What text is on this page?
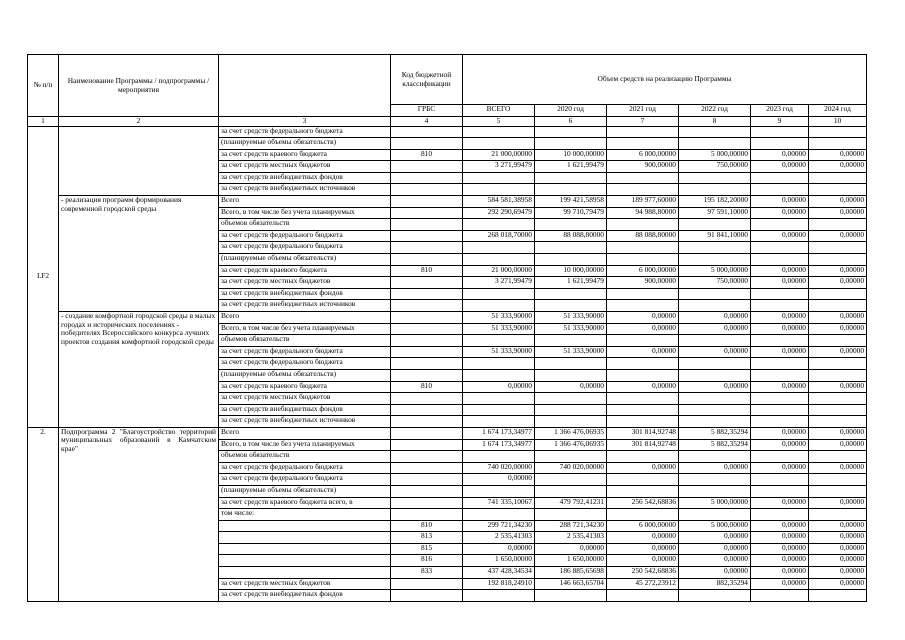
№ п/п	Наименование Программы / подпрограммы / мероприятия		Код бюджетной классификации	Объем средств на реализацию Программы					
			ГРБС	ВСЕГО	2020 год	2021 год	2022 год	2023 год	2024 год
1	2	3	4	5	6	7	8	9	10
I.F2		за счет средств федерального бюджета							
		(планируемые объемы обязательств)							
		за счет средств краевого бюджета	810	21 000,00000	10 000,00000	6 000,00000	5 000,00000	0,00000	0,00000
		за счет средств местных бюджетов		3 271,99479	1 621,99479	900,00000	750,00000	0,00000	0,00000
		за счет средств внебюджетных фондов							
		за счет средств внебюджетных источников							
	- реализация программ формирования современной городской среды	Всего		584 581,38958	199 421,58958	189 977,60000	195 182,20000	0,00000	0,00000
		Всего, в том числе без учета планируемых		292 290,69479	99 710,79479	94 988,80000	97 591,10000	0,00000	0,00000
		объемов обязательств							
		за счет средств федерального бюджета		268 018,70000	88 088,80000	88 088,80000	91 841,10000	0,00000	0,00000
		за счет средств федерального бюджета							
		(планируемые объемы обязательств)							
		за счет средств краевого бюджета	810	21 000,00000	10 000,00000	6 000,00000	5 000,00000	0,00000	0,00000
		за счет средств местных бюджетов		3 271,99479	1 621,99479	900,00000	750,00000	0,00000	0,00000
		за счет средств внебюджетных фондов							
		за счет средств внебюджетных источников							
	- создание комфортной городской среды в малых городах и исторических поселениях - победителях Всероссийского конкурса лучших проектов создания комфортной городской среды	Всего		51 333,90000	51 333,90000	0,00000	0,00000	0,00000	0,00000
		Всего, в том числе без учета планируемых		51 333,90000	51 333,90000	0,00000	0,00000	0,00000	0,00000
		объемов обязательств							
		за счет средств федерального бюджета		51 333,90000	51 333,90000	0,00000	0,00000	0,00000	0,00000
		за счет средств федерального бюджета							
		(планируемые объемы обязательств)							
		за счет средств краевого бюджета	810	0,00000	0,00000	0,00000	0,00000	0,00000	0,00000
		за счет средств местных бюджетов							
		за счет средств внебюджетных фондов							
		за счет средств внебюджетных источников							
2.	Подпрограмма 2 "Благоустройство территорий муниципальных образований в Камчатском крае"	Всего		1 674 173,34977	1 366 476,06935	301 814,92748	5 882,35294	0,00000	0,00000
		Всего, в том числе без учета планируемых		1 674 173,34977	1 366 476,06935	301 814,92748	5 882,35294	0,00000	0,00000
		объемов обязательств							
		за счет средств федерального бюджета		740 020,00000	740 020,00000	0,00000	0,00000	0,00000	0,00000
		за счет средств федерального бюджета		0,00000					
		(планируемые объемы обязательств)							
		за счет средств краевого бюджета всего, в		741 335,10067	479 792,41231	256 542,68836	5 000,00000	0,00000	0,00000
		том числе:							
			810	299 721,34230	288 721,34230	6 000,00000	5 000,00000	0,00000	0,00000
			813	2 535,41303	2 535,41303	0,00000	0,00000	0,00000	0,00000
			815	0,00000	0,00000	0,00000	0,00000	0,00000	0,00000
			816	1 650,00000	1 650,00000	0,00000	0,00000	0,00000	0,00000
			833	437 428,34534	186 885,65698	250 542,68836	0,00000	0,00000	0,00000
		за счет средств местных бюджетов		192 818,24910	146 663,65704	45 272,23912	882,35294	0,00000	0,00000
		за счет средств внебюджетных фондов							
